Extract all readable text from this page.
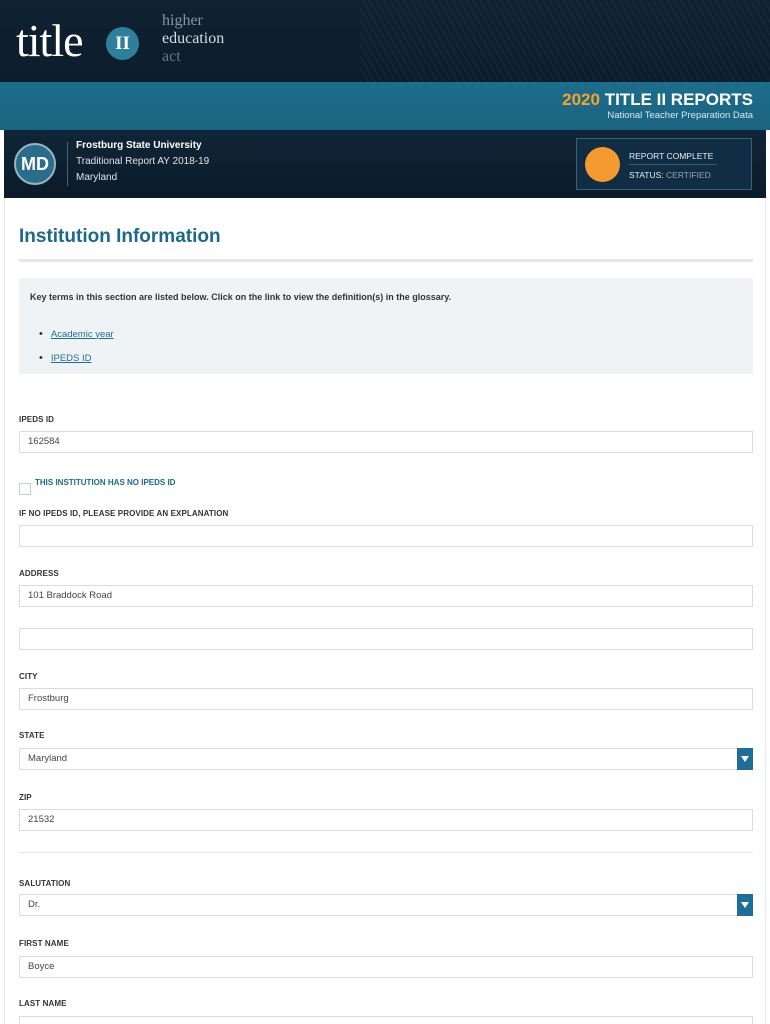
title	II
higher
education
act
2020 TITLE II REPORTS
National Teacher Preparation Data
MD
Frostburg State University
Traditional Report AY 2018-19
Maryland
REPORT COMPLETE
STATUS: CERTIFIED
Institution Information
Key terms in this section are listed below. Click on the link to view the definition(s) in the glossary.
• Academic year
• IPEDS ID
IPEDS ID
162584
THIS INSTITUTION HAS NO IPEDS ID
IF NO IPEDS ID, PLEASE PROVIDE AN EXPLANATION
ADDRESS
101 Braddock Road
CITY
Frostburg
STATE
Maryland
ZIP
21532
SALUTATION
Dr.
FIRST NAME
Boyce
LAST NAME
